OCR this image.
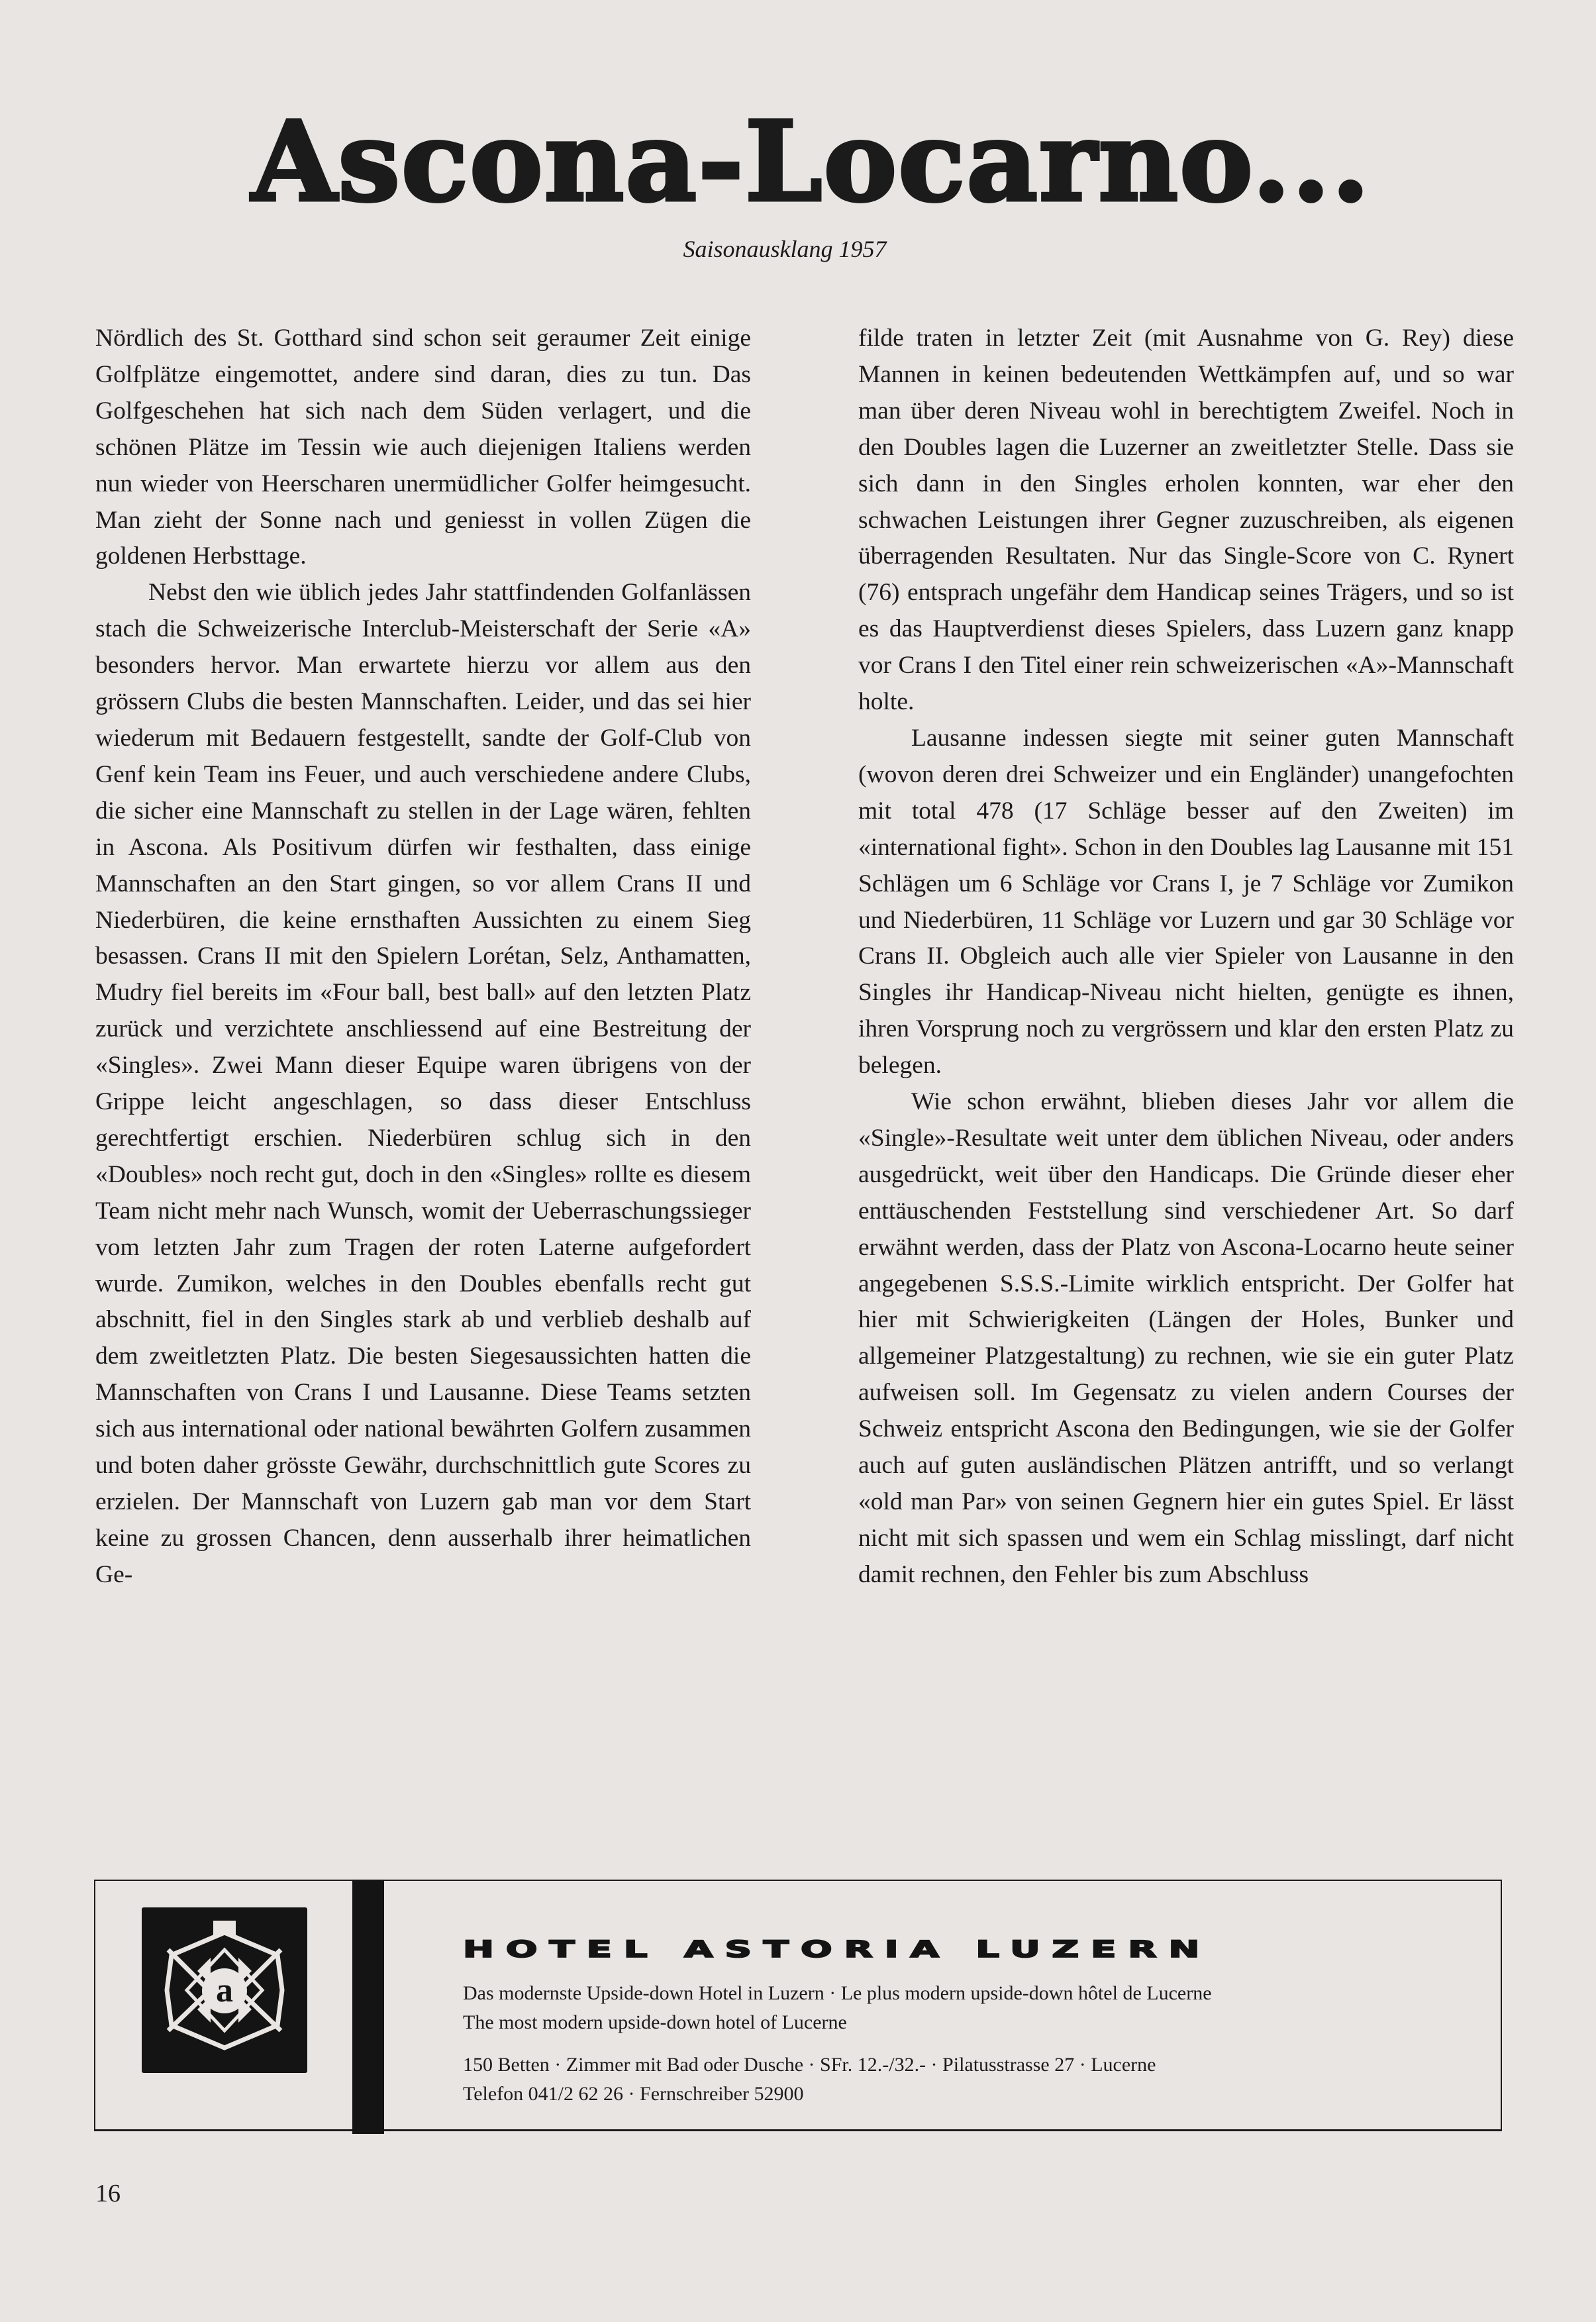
Ascona-Locarno...
Saisonausklang 1957

Nördlich des St. Gotthard sind schon seit geraumer Zeit einige Golfplätze eingemottet, andere sind daran, dies zu tun. Das Golfgeschehen hat sich nach dem Süden verlagert, und die schönen Plätze im Tessin wie auch diejenigen Italiens werden nun wieder von Heerscharen unermüdlicher Golfer heimgesucht. Man zieht der Sonne nach und geniesst in vollen Zügen die goldenen Herbsttage.

Nebst den wie üblich jedes Jahr stattfindenden Golfanlässen stach die Schweizerische Interclub-Meisterschaft der Serie «A» besonders hervor. Man erwartete hierzu vor allem aus den grössern Clubs die besten Mannschaften. Leider, und das sei hier wiederum mit Bedauern festgestellt, sandte der Golf-Club von Genf kein Team ins Feuer, und auch verschiedene andere Clubs, die sicher eine Mannschaft zu stellen in der Lage wären, fehlten in Ascona. Als Positivum dürfen wir festhalten, dass einige Mannschaften an den Start gingen, so vor allem Crans II und Niederbüren, die keine ernsthaften Aussichten zu einem Sieg besassen. Crans II mit den Spielern Lorétan, Selz, Anthamatten, Mudry fiel bereits im «Four ball, best ball» auf den letzten Platz zurück und verzichtete anschliessend auf eine Bestreitung der «Singles». Zwei Mann dieser Equipe waren übrigens von der Grippe leicht angeschlagen, so dass dieser Entschluss gerechtfertigt erschien. Niederbüren schlug sich in den «Doubles» noch recht gut, doch in den «Singles» rollte es diesem Team nicht mehr nach Wunsch, womit der Ueberraschungssieger vom letzten Jahr zum Tragen der roten Laterne aufgefordert wurde. Zumikon, welches in den Doubles ebenfalls recht gut abschnitt, fiel in den Singles stark ab und verblieb deshalb auf dem zweitletzten Platz. Die besten Siegesaussichten hatten die Mannschaften von Crans I und Lausanne. Diese Teams setzten sich aus international oder national bewährten Golfern zusammen und boten daher grösste Gewähr, durchschnittlich gute Scores zu erzielen. Der Mannschaft von Luzern gab man vor dem Start keine zu grossen Chancen, denn ausserhalb ihrer heimatlichen Ge-

filde traten in letzter Zeit (mit Ausnahme von G. Rey) diese Mannen in keinen bedeutenden Wettkämpfen auf, und so war man über deren Niveau wohl in berechtigtem Zweifel. Noch in den Doubles lagen die Luzerner an zweitletzter Stelle. Dass sie sich dann in den Singles erholen konnten, war eher den schwachen Leistungen ihrer Gegner zuzuschreiben, als eigenen überragenden Resultaten. Nur das Single-Score von C. Rynert (76) entsprach ungefähr dem Handicap seines Trägers, und so ist es das Hauptverdienst dieses Spielers, dass Luzern ganz knapp vor Crans I den Titel einer rein schweizerischen «A»-Mannschaft holte.

Lausanne indessen siegte mit seiner guten Mannschaft (wovon deren drei Schweizer und ein Engländer) unangefochten mit total 478 (17 Schläge besser auf den Zweiten) im «international fight». Schon in den Doubles lag Lausanne mit 151 Schlägen um 6 Schläge vor Crans I, je 7 Schläge vor Zumikon und Niederbüren, 11 Schläge vor Luzern und gar 30 Schläge vor Crans II. Obgleich auch alle vier Spieler von Lausanne in den Singles ihr Handicap-Niveau nicht hielten, genügte es ihnen, ihren Vorsprung noch zu vergrössern und klar den ersten Platz zu belegen.

Wie schon erwähnt, blieben dieses Jahr vor allem die «Single»-Resultate weit unter dem üblichen Niveau, oder anders ausgedrückt, weit über den Handicaps. Die Gründe dieser eher enttäuschenden Feststellung sind verschiedener Art. So darf erwähnt werden, dass der Platz von Ascona-Locarno heute seiner angegebenen S.S.S.-Limite wirklich entspricht. Der Golfer hat hier mit Schwierigkeiten (Längen der Holes, Bunker und allgemeiner Platzgestaltung) zu rechnen, wie sie ein guter Platz aufweisen soll. Im Gegensatz zu vielen andern Courses der Schweiz entspricht Ascona den Bedingungen, wie sie der Golfer auch auf guten ausländischen Plätzen antrifft, und so verlangt «old man Par» von seinen Gegnern hier ein gutes Spiel. Er lässt nicht mit sich spassen und wem ein Schlag misslingt, darf nicht damit rechnen, den Fehler bis zum Abschluss

a
HOTEL ASTORIA LUZERN
Das modernste Upside-down Hotel in Luzern · Le plus modern upside-down hôtel de Lucerne
The most modern upside-down hotel of Lucerne
150 Betten · Zimmer mit Bad oder Dusche · SFr. 12.-/32.- · Pilatusstrasse 27 · Lucerne
Telefon 041/2 62 26 · Fernschreiber 52900
16
